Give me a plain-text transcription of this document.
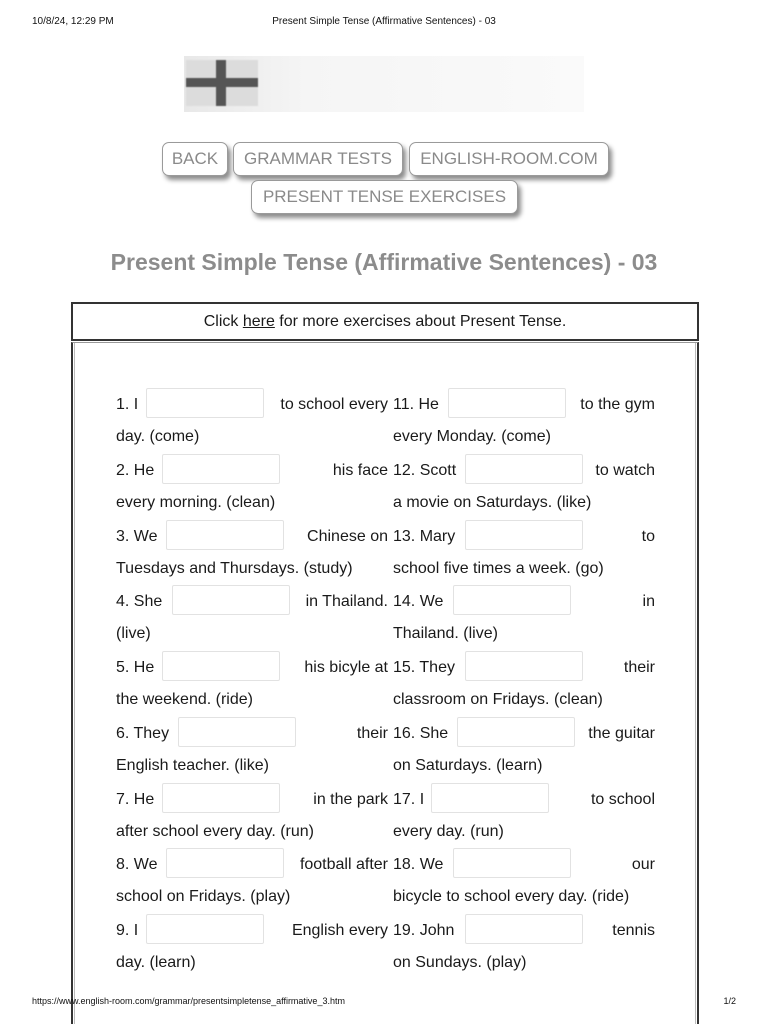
10/8/24, 12:29 PM	Present Simple Tense (Affirmative Sentences) - 03
BACK	GRAMMAR TESTS	ENGLISH-ROOM.COM
PRESENT TENSE EXERCISES
Present Simple Tense (Affirmative Sentences) - 03
Click here for more exercises about Present Tense.
1. I	to school every
day. (come)
2. He	his face
every morning. (clean)
3. We	Chinese on
Tuesdays and Thursdays. (study)
4. She	in Thailand.
(live)
5. He	his bicyle at
the weekend. (ride)
6. They	their
English teacher. (like)
7. He	in the park
after school every day. (run)
8. We	football after
school on Fridays. (play)
9. I	English every
day. (learn)
11. He	to the gym
every Monday. (come)
12. Scott	to watch
a movie on Saturdays. (like)
13. Mary	to
school five times a week. (go)
14. We	in
Thailand. (live)
15. They	their
classroom on Fridays. (clean)
16. She	the guitar
on Saturdays. (learn)
17. I	to school
every day. (run)
18. We	our
bicycle to school every day. (ride)
19. John	tennis
on Sundays. (play)
https://www.english-room.com/grammar/presentsimpletense_affirmative_3.htm	1/2
